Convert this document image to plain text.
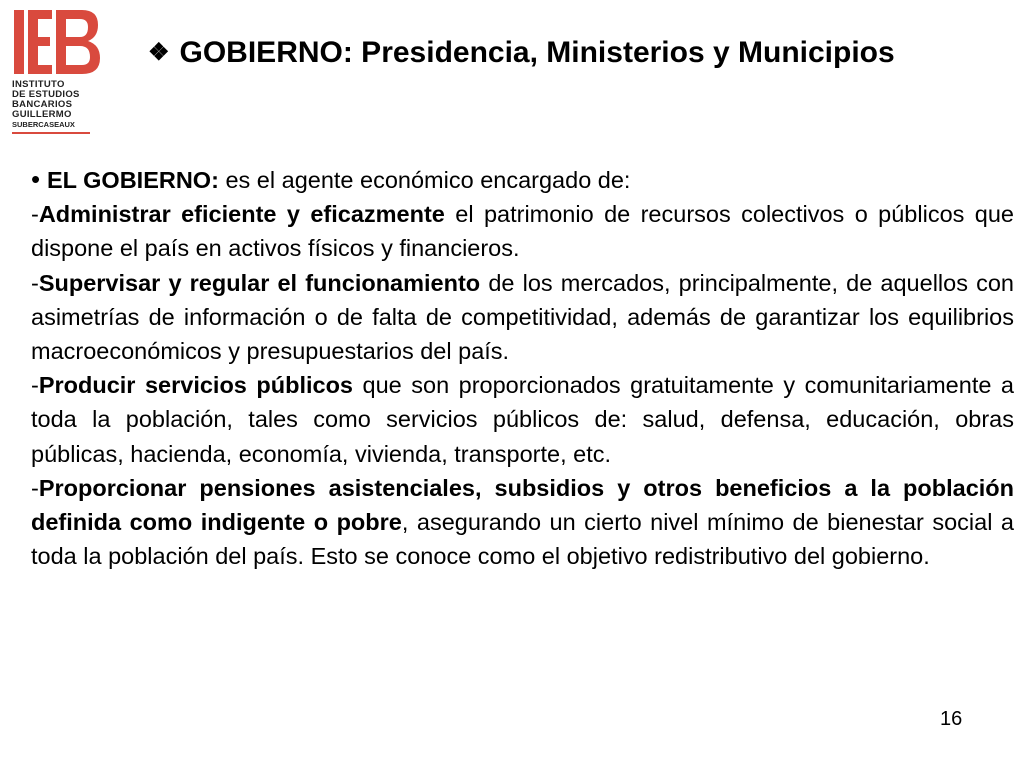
INSTITUTO
DE ESTUDIOS
BANCARIOS
GUILLERMO
SUBERCASEAUX
❖ GOBIERNO: Presidencia, Ministerios y Municipios

• EL GOBIERNO: es el agente económico encargado de:

-Administrar eficiente y eficazmente el patrimonio de recursos colectivos o públicos que dispone el país en activos físicos y financieros.

-Supervisar y regular el funcionamiento de los mercados, principalmente, de aquellos con asimetrías de información o de falta de competitividad, además de garantizar los equilibrios macroeconómicos y presupuestarios del país.

-Producir servicios públicos que son proporcionados gratuitamente y comunitariamente a toda la población, tales como servicios públicos de: salud, defensa, educación, obras públicas, hacienda, economía, vivienda, transporte, etc.

-Proporcionar pensiones asistenciales, subsidios y otros beneficios a la población definida como indigente o pobre, asegurando un cierto nivel mínimo de bienestar social a toda la población del país. Esto se conoce como el objetivo redistributivo del gobierno.

16
